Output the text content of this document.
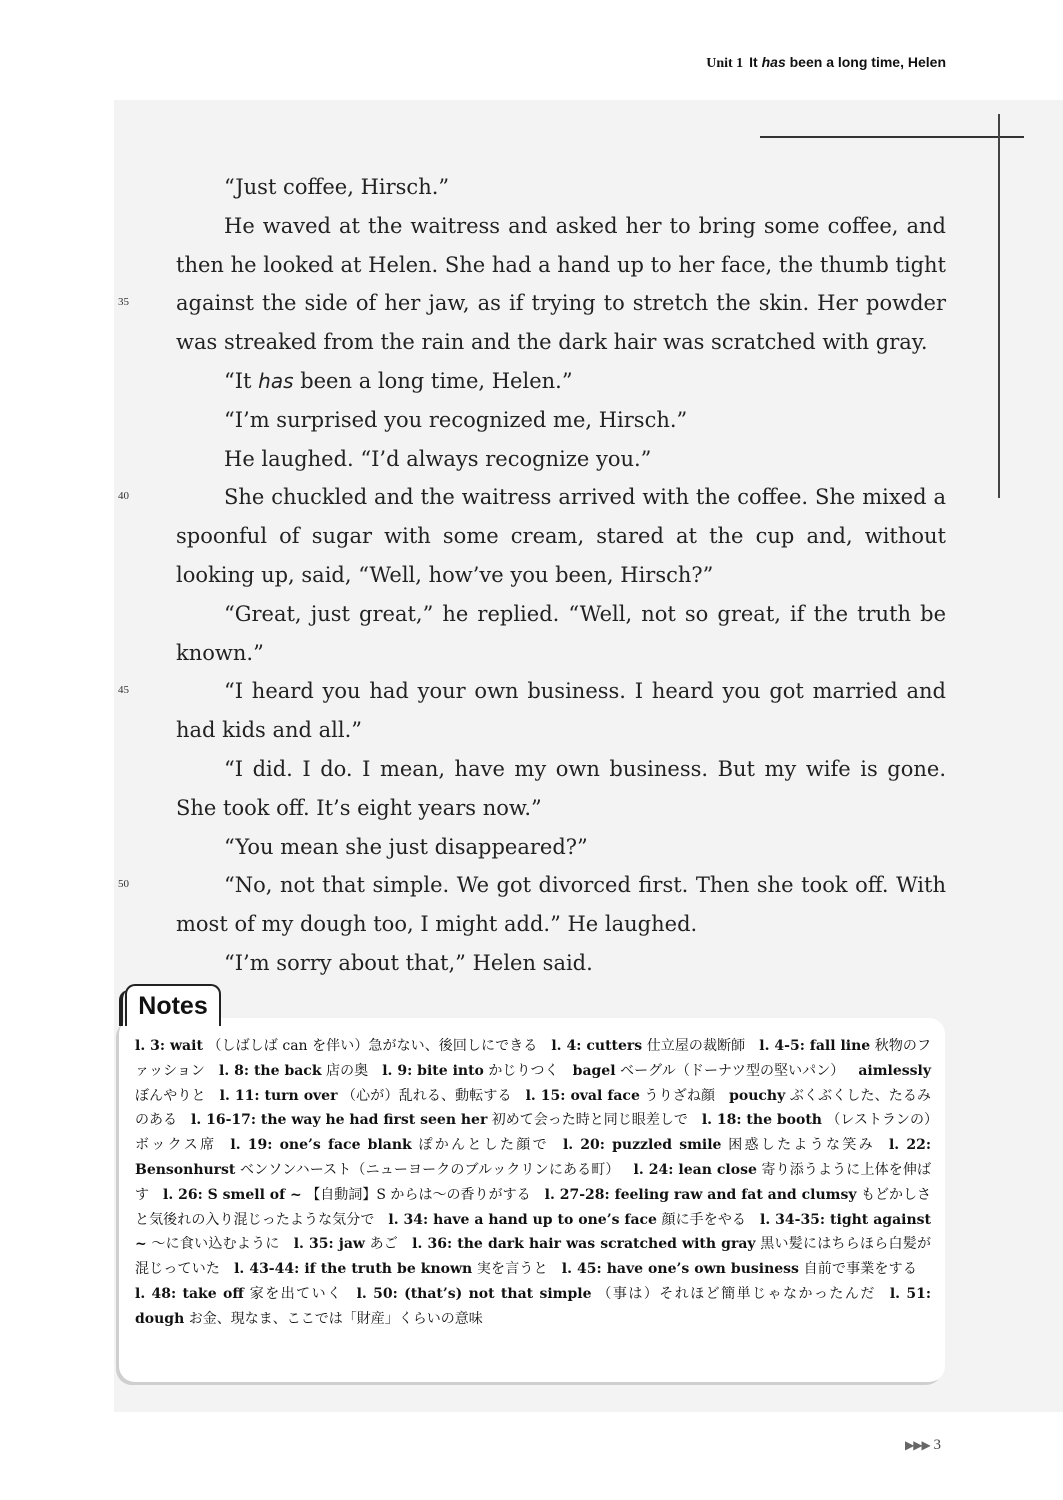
Unit 1 It has been a long time, Helen
35
40
45
50

“Just coffee, Hirsch.”

He waved at the waitress and asked her to bring some coffee, and then he looked at Helen. She had a hand up to her face, the thumb tight against the side of her jaw, as if trying to stretch the skin. Her powder was streaked from the rain and the dark hair was scratched with gray.

“It has been a long time, Helen.”

“I’m surprised you recognized me, Hirsch.”

He laughed. “I’d always recognize you.”

She chuckled and the waitress arrived with the coffee. She mixed a spoonful of sugar with some cream, stared at the cup and, without looking up, said, “Well, how’ve you been, Hirsch?”

“Great, just great,” he replied. “Well, not so great, if the truth be known.”

“I heard you had your own business. I heard you got married and had kids and all.”

“I did. I do. I mean, have my own business. But my wife is gone. She took off. It’s eight years now.”

“You mean she just disappeared?”

“No, not that simple. We got divorced first. Then she took off. With most of my dough too, I might add.” He laughed.

“I’m sorry about that,” Helen said.

Notes
l. 3: wait （しばしば can を伴い）急がない、後回しにできる  l. 4: cutters 仕立屋の裁断師  l. 4-5: fall line 秋物のファッション  l. 8: the back 店の奥  l. 9: bite into かじりつく  bagel ベーグル（ドーナツ型の堅いパン）  aimlessly ぼんやりと  l. 11: turn over （心が）乱れる、動転する  l. 15: oval face うりざね顔  pouchy ぶくぶくした、たるみのある  l. 16-17: the way he had first seen her 初めて会った時と同じ眼差しで  l. 18: the booth （レストランの）ボックス席  l. 19: one’s face blank ぽかんとした顔で  l. 20: puzzled smile 困惑したような笑み  l. 22: Bensonhurst ベンソンハースト（ニューヨークのブルックリンにある町）  l. 24: lean close 寄り添うように上体を伸ばす  l. 26: S smell of ~ 【自動詞】S からは～の香りがする  l. 27-28: feeling raw and fat and clumsy もどかしさと気後れの入り混じったような気分で  l. 34: have a hand up to one’s face 顔に手をやる  l. 34-35: tight against ~ ～に食い込むように  l. 35: jaw あご  l. 36: the dark hair was scratched with gray 黒い髪にはちらほら白髪が混じっていた  l. 43-44: if the truth be known 実を言うと  l. 45: have one’s own business 自前で事業をする l. 48: take off 家を出ていく  l. 50: (that’s) not that simple （事は）それほど簡単じゃなかったんだ  l. 51: dough お金、現なま、ここでは「財産」くらいの意味
▶▶▶ 3
